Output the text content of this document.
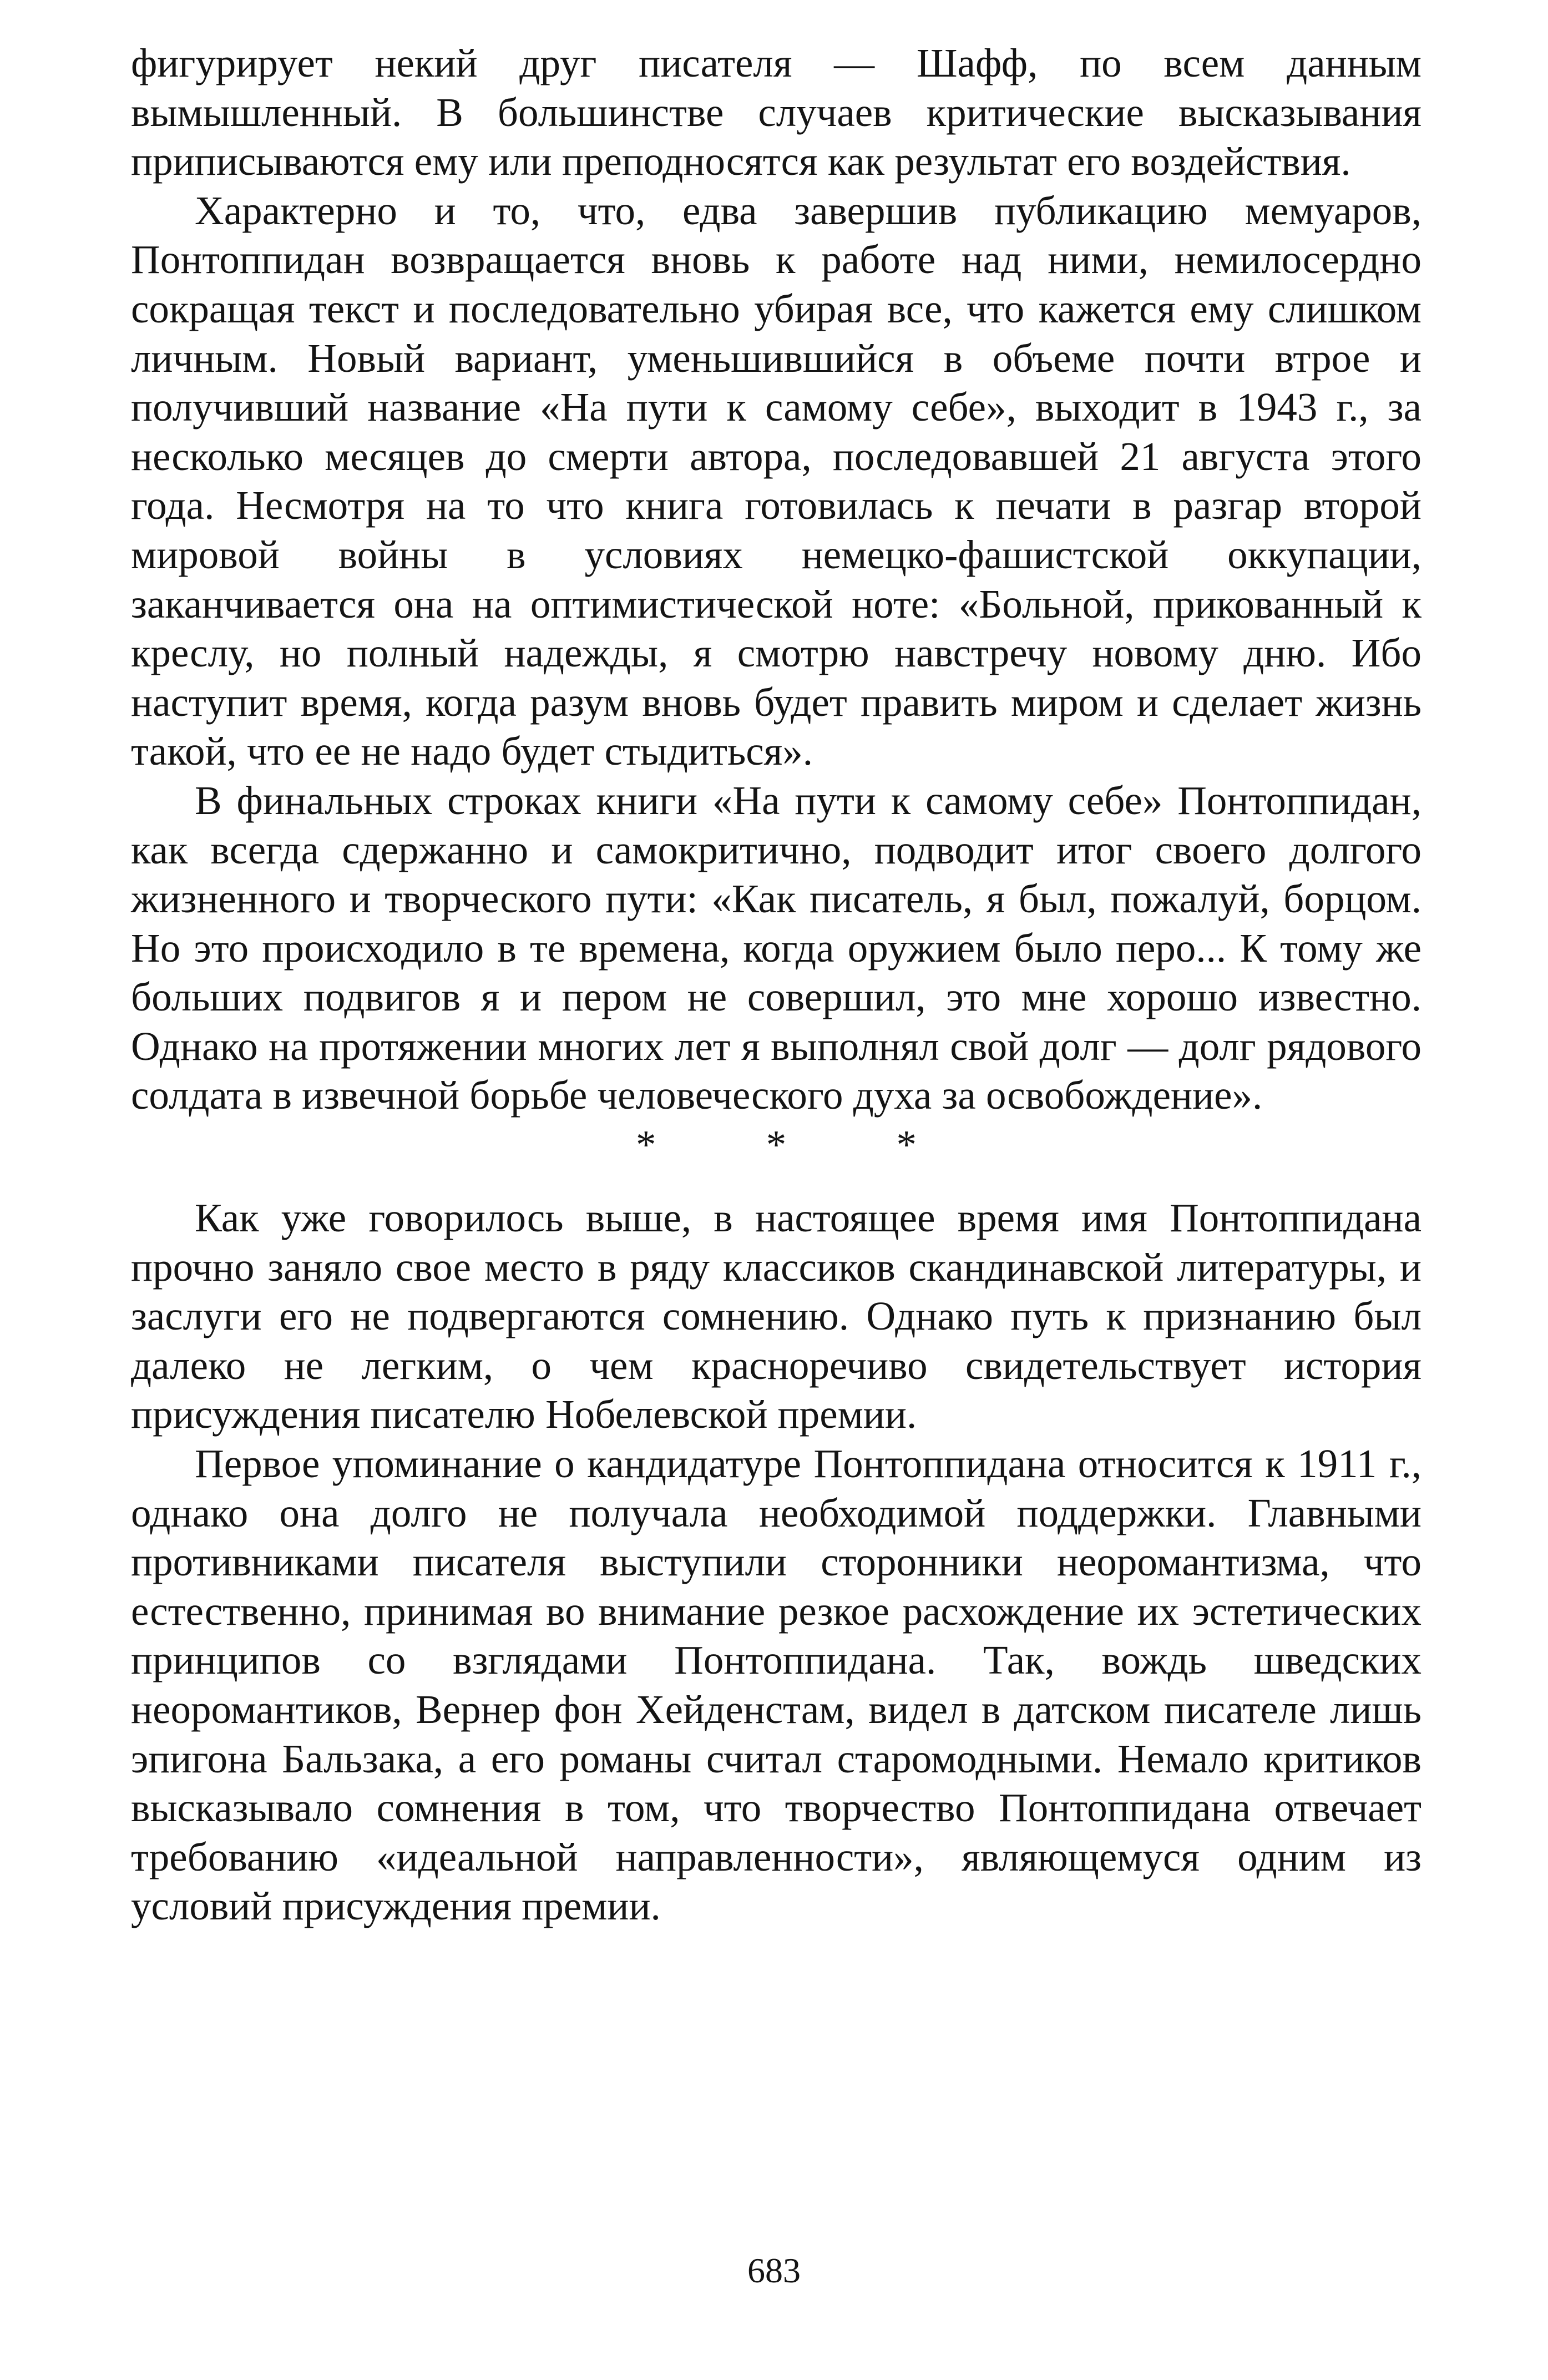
фигурирует некий друг писателя — Шафф, по всем данным вымышленный. В большинстве случаев критические высказывания приписываются ему или преподносятся как результат его воздействия.

Характерно и то, что, едва завершив публикацию мемуаров, Понтоппидан возвращается вновь к работе над ними, немилосердно сокращая текст и последовательно убирая все, что кажется ему слишком личным. Новый вариант, уменьшившийся в объеме почти втрое и получивший название «На пути к самому себе», выходит в 1943 г., за несколько месяцев до смерти автора, последовавшей 21 августа этого года. Несмотря на то что книга готовилась к печати в разгар второй мировой войны в условиях немецко-фашистской оккупации, заканчивается она на оптимистической ноте: «Больной, прикованный к креслу, но полный надежды, я смотрю навстречу новому дню. Ибо наступит время, когда разум вновь будет править миром и сделает жизнь такой, что ее не надо будет стыдиться».

В финальных строках книги «На пути к самому себе» Понтоппидан, как всегда сдержанно и самокритично, подводит итог своего долгого жизненного и творческого пути: «Как писатель, я был, пожалуй, борцом. Но это происходило в те времена, когда оружием было перо... К тому же больших подвигов я и пером не совершил, это мне хорошо известно. Однако на протяжении многих лет я выполнял свой долг — долг рядового солдата в извечной борьбе человеческого духа за освобождение».

* * *

Как уже говорилось выше, в настоящее время имя Понтоппидана прочно заняло свое место в ряду классиков скандинавской литературы, и заслуги его не подвергаются сомнению. Однако путь к признанию был далеко не легким, о чем красноречиво свидетельствует история присуждения писателю Нобелевской премии.

Первое упоминание о кандидатуре Понтоппидана относится к 1911 г., однако она долго не получала необходимой поддержки. Главными противниками писателя выступили сторонники неоромантизма, что естественно, принимая во внимание резкое расхождение их эстетических принципов со взглядами Понтоппидана. Так, вождь шведских неоромантиков, Вернер фон Хейденстам, видел в датском писателе лишь эпигона Бальзака, а его романы считал старомодными. Немало критиков высказывало сомнения в том, что творчество Понтоппидана отвечает требованию «идеальной направленности», являющемуся одним из условий присуждения премии.

683
